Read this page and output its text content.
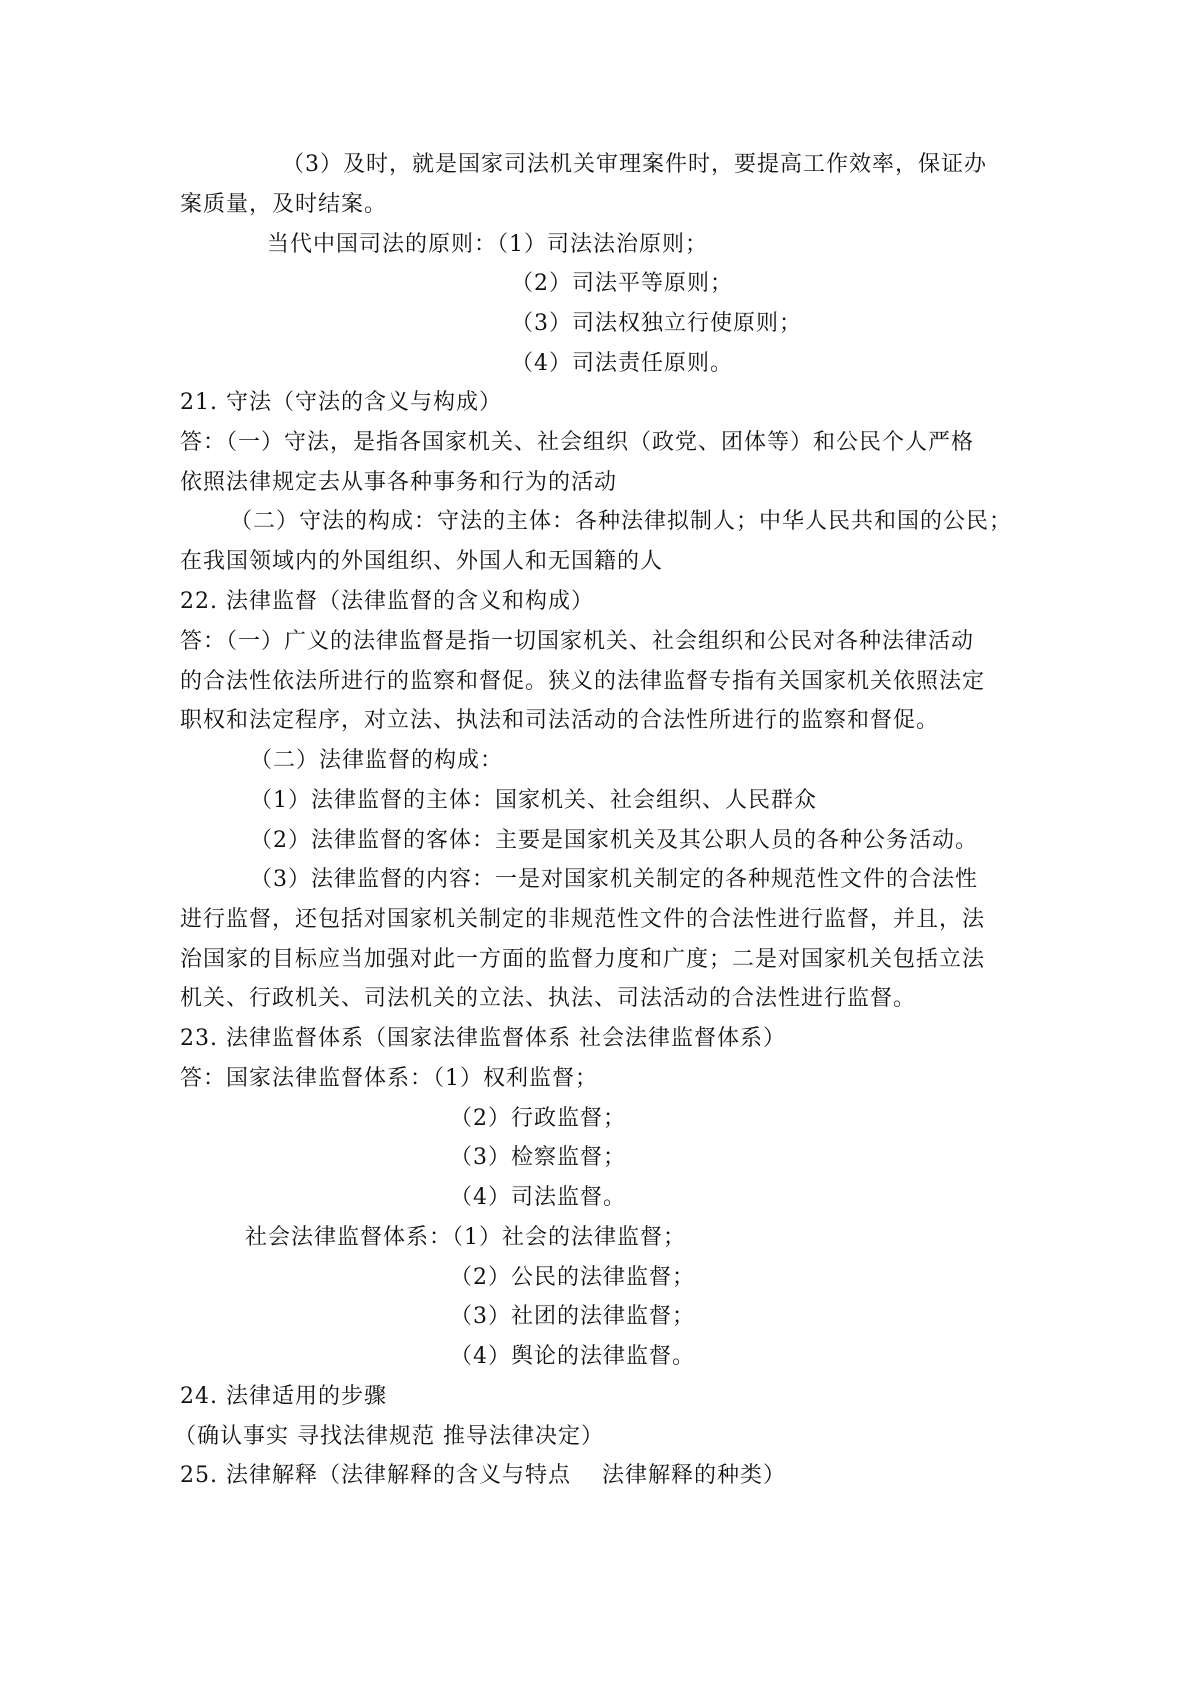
（3）及时，就是国家司法机关审理案件时，要提高工作效率，保证办
案质量，及时结案。
当代中国司法的原则：（1）司法法治原则；
（2）司法平等原则；
（3）司法权独立行使原则；
（4）司法责任原则。
21. 守法（守法的含义与构成）
答：（一）守法，是指各国家机关、社会组织（政党、团体等）和公民个人严格
依照法律规定去从事各种事务和行为的活动
（二）守法的构成：守法的主体：各种法律拟制人；中华人民共和国的公民；
在我国领域内的外国组织、外国人和无国籍的人
22. 法律监督（法律监督的含义和构成）
答：（一）广义的法律监督是指一切国家机关、社会组织和公民对各种法律活动
的合法性依法所进行的监察和督促。狭义的法律监督专指有关国家机关依照法定
职权和法定程序，对立法、执法和司法活动的合法性所进行的监察和督促。
（二）法律监督的构成：
（1）法律监督的主体：国家机关、社会组织、人民群众
（2）法律监督的客体：主要是国家机关及其公职人员的各种公务活动。
（3）法律监督的内容：一是对国家机关制定的各种规范性文件的合法性
进行监督，还包括对国家机关制定的非规范性文件的合法性进行监督，并且，法
治国家的目标应当加强对此一方面的监督力度和广度；二是对国家机关包括立法
机关、行政机关、司法机关的立法、执法、司法活动的合法性进行监督。
23. 法律监督体系（国家法律监督体系 社会法律监督体系）
答：国家法律监督体系：（1）权利监督；
（2）行政监督；
（3）检察监督；
（4）司法监督。
社会法律监督体系：（1）社会的法律监督；
（2）公民的法律监督；
（3）社团的法律监督；
（4）舆论的法律监督。
24. 法律适用的步骤
（确认事实 寻找法律规范 推导法律决定）
25. 法律解释（法律解释的含义与特点　 法律解释的种类）
